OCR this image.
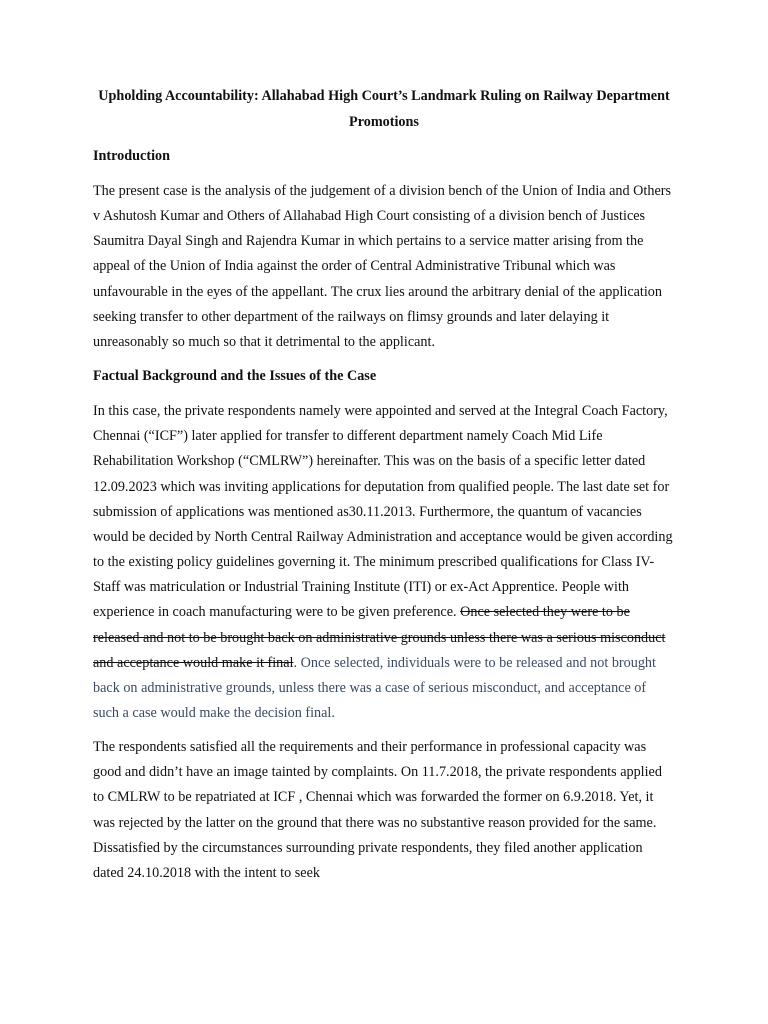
Upholding Accountability: Allahabad High Court’s Landmark Ruling on Railway Department Promotions
Introduction

The present case is the analysis of the judgement of a division bench of the Union of India and Others v Ashutosh Kumar and Others of Allahabad High Court consisting of a division bench of Justices Saumitra Dayal Singh and Rajendra Kumar in which pertains to a service matter arising from the appeal of the Union of India against the order of Central Administrative Tribunal which was unfavourable in the eyes of the appellant. The crux lies around the arbitrary denial of the application seeking transfer to other department of the railways on flimsy grounds and later delaying it unreasonably so much so that it detrimental to the applicant.

Factual Background and the Issues of the Case

In this case, the private respondents namely were appointed and served at the Integral Coach Factory, Chennai (“ICF”) later applied for transfer to different department namely Coach Mid Life Rehabilitation Workshop (“CMLRW”) hereinafter. This was on the basis of a specific letter dated 12.09.2023 which was inviting applications for deputation from qualified people. The last date set for submission of applications was mentioned as30.11.2013. Furthermore, the quantum of vacancies would be decided by North Central Railway Administration and acceptance would be given according to the existing policy guidelines governing it. The minimum prescribed qualifications for Class IV- Staff was matriculation or Industrial Training Institute (ITI) or ex-Act Apprentice. People with experience in coach manufacturing were to be given preference. Once selected they were to be released and not to be brought back on administrative grounds unless there was a serious misconduct and acceptance would make it final. Once selected, individuals were to be released and not brought back on administrative grounds, unless there was a case of serious misconduct, and acceptance of such a case would make the decision final.

The respondents satisfied all the requirements and their performance in professional capacity was good and didn’t have an image tainted by complaints. On 11.7.2018, the private respondents applied to CMLRW to be repatriated at ICF , Chennai which was forwarded the former on 6.9.2018. Yet, it was rejected by the latter on the ground that there was no substantive reason provided for the same. Dissatisfied by the circumstances surrounding private respondents, they filed another application dated 24.10.2018 with the intent to seek
